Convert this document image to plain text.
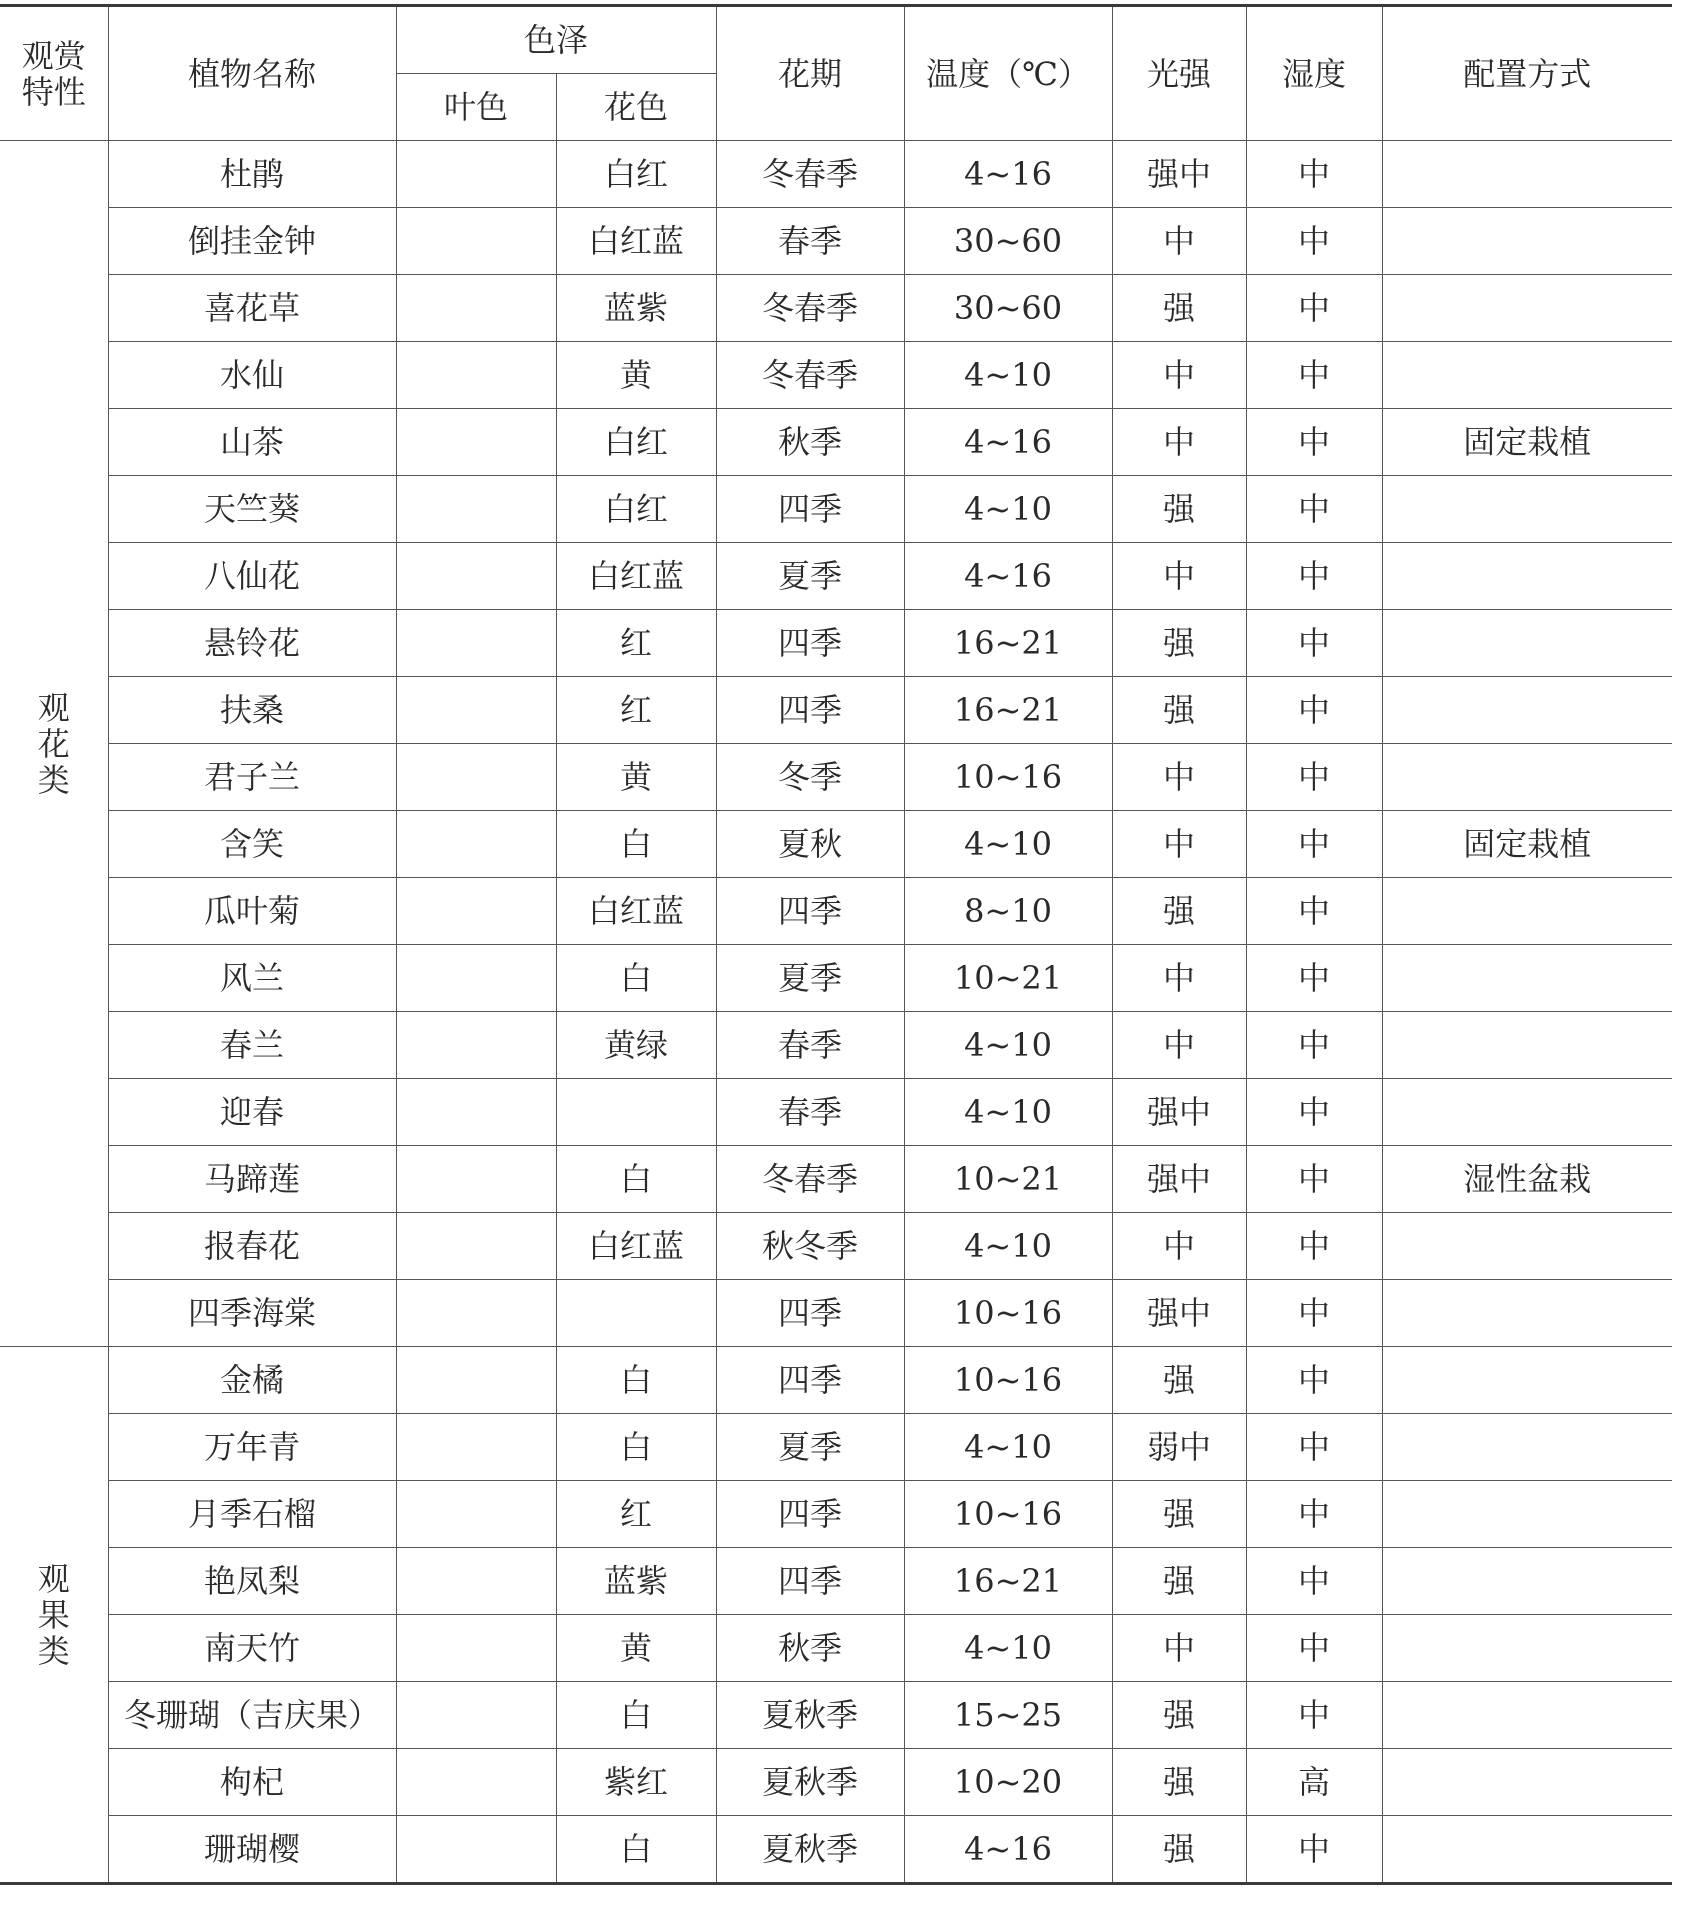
观赏
特性	植物名称	色泽		花期	温度（℃）	光强	湿度	配置方式
		叶色	花色					
观
花
类	杜鹃		白红	冬春季	4~16	强中	中	
	倒挂金钟		白红蓝	春季	30~60	中	中	
	喜花草		蓝紫	冬春季	30~60	强	中	
	水仙		黄	冬春季	4~10	中	中	
	山茶		白红	秋季	4~16	中	中	固定栽植
	天竺葵		白红	四季	4~10	强	中	
	八仙花		白红蓝	夏季	4~16	中	中	
	悬铃花		红	四季	16~21	强	中	
	扶桑		红	四季	16~21	强	中	
	君子兰		黄	冬季	10~16	中	中	
	含笑		白	夏秋	4~10	中	中	固定栽植
	瓜叶菊		白红蓝	四季	8~10	强	中	
	风兰		白	夏季	10~21	中	中	
	春兰		黄绿	春季	4~10	中	中	
	迎春			春季	4~10	强中	中	
	马蹄莲		白	冬春季	10~21	强中	中	湿性盆栽
	报春花		白红蓝	秋冬季	4~10	中	中	
	四季海棠			四季	10~16	强中	中	
观
果
类	金橘		白	四季	10~16	强	中	
	万年青		白	夏季	4~10	弱中	中	
	月季石榴		红	四季	10~16	强	中	
	艳凤梨		蓝紫	四季	16~21	强	中	
	南天竹		黄	秋季	4~10	中	中	
	冬珊瑚（吉庆果）		白	夏秋季	15~25	强	中	
	枸杞		紫红	夏秋季	10~20	强	高	
	珊瑚樱		白	夏秋季	4~16	强	中	
